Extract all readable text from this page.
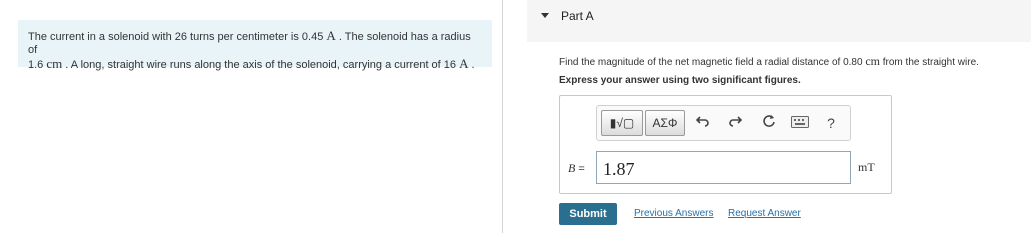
The current in a solenoid with 26 turns per centimeter is 0.45 A . The solenoid has a radius of
1.6 cm . A long, straight wire runs along the axis of the solenoid, carrying a current of 16 A .
Part A
Find the magnitude of the net magnetic field a radial distance of 0.80 cm from the straight wire.
Express your answer using two significant figures.
▮√▢	ΑΣΦ	?
B =
1.87	mT
Submit	Previous Answers Request Answer
